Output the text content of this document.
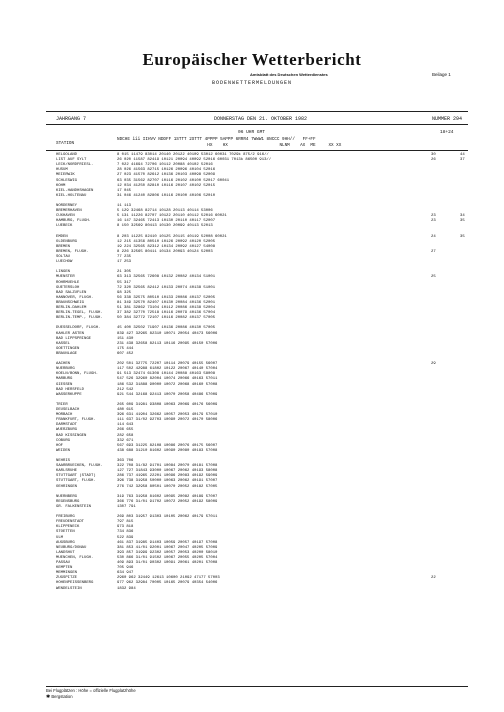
Europäischer Wetterbericht
Amtsblatt des Deutschen Wetterdienstes	Beilage 1
BODENWETTERMELDUNGEN
JAHRGANG 7	DONNERSTAG DEN 21. OKTOBER 1982	NUMMER 294
06 UHR GMT	18+24
STATION
NDCHE iii IIHVV NDDFF 1STTT 2STTT 4PPPP 5APPP 6RRR4 7WWW1 8NCCC 9HH//   FF+FF
HX    HX                    NLNM    AX  ME     XX XX
HELGOLAND	8 015 11479 83014 20140 20122 40109 53012 60031 7029k 875/2 916//	30	44
LIST AUF SYLT	26 020 11587 82419 10121 20094 40092 52016 60031 7013k 86500 913//	26	37
LECK/NORDFRIESL.	7 022 41694 72706 10112 20088 40102 52016
HUSUM	28 026 41563 82715 10126 20096 40104 52016
MEIERWIK	27 023 41570 82612 10136 20103 40098 52009
SCHLESWIG	63 035 31562 82707 10116 20102 40100 52017 60041
KOHM	12 034 41250 82810 10116 20107 40102 52015
KIEL-HANDHSHAGEN	17 045
KIEL-HOLTENAU	31 046 41240 82806 10116 20100 40106 52010
NORDERNEY	11 113
BREMERHAVEN	5 129 32468 82714 10128 20113 40114 53006
CUXHAVEN	5 131 11226 82707 10122 20110 40112 52016 60021	23	34
HAMBURG, FLUGH.	16 147 32465 72413 10130 20110 40117 52007	23	35
LUEBECK	8 150 32569 80413 10130 20099 40113 52013
EMDEN	8 203 11225 82410 10125 20115 40119 52008 60021	24	35
OLDENBURG	12 215 41356 80510 10126 20092 40120 52005
BREMEN	19 224 32565 82312 10134 20092 40127 54008
BREMEN, FLUGH.	8 226 32565 80411 10134 20093 40124 52003	27
SOLTAU	77 235
LUECHOW	17 253
LINGEN	21 305
MUENSTER	63 313 32565 72608 10132 20082 40134 51001	25
ROHRMUEHLE	55 317
GUETERSLOH	72 320 32565 82412 10133 20074 40138 51001
BAD SALZUFLEN	98 325
HANNOVER, FLUGH.	56 338 32575 80510 10133 20086 40137 52005
BRAUNSCHWEIG	81 349 32570 82407 10130 20084 40136 52001
BERLIN-DAHLEM	51 381 32862 73104 10112 20086 40138 52004
BERLIN-TEGEL, FLUGH.	37 382 32770 72518 10116 20079 40136 57004
BERLIN-TEMP., FLUGH.	50 384 32772 72107 10116 20082 40137 57005
DUESSELDORF, FLUGH.	45 400 32502 71907 10136 20086 40130 57005
KAHLER ASTEN	839 427 32965 82310 10071 20054 40473 56006
BAD LIPPSPRINGE	151 430
KASSEL	231 438 32658 82113 10116 20095 40150 57006
GOETTINGEN	175 444
BRAUNLAGE	607 452
AACHEN	202 501 32775 72207 10114 20079 40155 56007	29
NUERBURG	117 502 42988 61802 10122 20067 40140 57004
KOELN/BONN, FLUGH.	91 513 32474 61308 10144 20088 40163 58008
MARBURG	547 526 32960 82004 10074 20066 40163 57011
GIESSEN	186 532 31888 90000 10072 20068 40160 57008
BAD HERSFELD	212 542
WASSERKUPPE	921 544 32168 92413 10070 20058 40486 57009
TRIER	265 609 31981 93808 10063 20069 40176 56009
DEUSELBACH	480 615
MORBACH	396 631 41904 32662 10057 20053 40179 57010
FRANKFURT, FLUGH.	111 637 31/02 92703 10090 20072 40170 58006
DARMSTADT	114 643
WUERZBURG	266 655
BAD KISSINGEN	282 658
COBURG	332 671
HOF	567 693 31225 82108 10086 20076 40175 56007
WEIDEN	438 688 31210 81602 10090 20080 40183 57008
NEHRIS	363 706
SAARBRUECKEN, FLUGH.	322 708 31/82 91701 10084 20070 40181 57008
KARLSRUHE	127 727 31843 93000 10067 20062 40193 58008
STUTTGART (STADT)	286 737 41965 22201 10096 20083 40192 59009
STUTTGART, FLUGH.	396 738 31958 50000 10063 20062 40191 57007
OEHRINGEN	276 742 32958 80501 10070 20052 40182 57005
NUERNBERG	319 763 31958 81602 10095 20082 40189 57007
REGENSBURG	366 776 31/01 91702 10072 20052 40192 58009
GR. FALKENSTEIN	1307 791
FREIBURG	269 803 31957 91303 10105 20062 40179 57011
FREUDENSTADT	797 815
KLIPPENECK	973 818
STOETTEN	734 836
ULM	522 839
AUGSBURG	461 837 31985 91403 10059 20057 40197 57008
NEUBURG/DONAU	381 853 41/01 92001 10067 20047 40205 57009
LANDSHUT	393 857 31999 92302 10057 20053 40200 58010
MUENCHEN, FLUGH.	530 866 31/01 91502 10067 20055 40205 57004
PASSAU	409 893 31/01 90302 10091 20061 40201 57008
KEMPTEN	705 946
MEMMINGEN	634 947
ZUGSPITZE	2960 962 32449 12613 10600 21092 47177 57003	22
HOHENPEISSENBERG	977 962 32984 70005 10165 20079 40354 54006
WENDELSTEIN	1832 984
Bei Flugplätzen : Höhe = offizielle Flugplatzhöhe
✱ Bergstation
